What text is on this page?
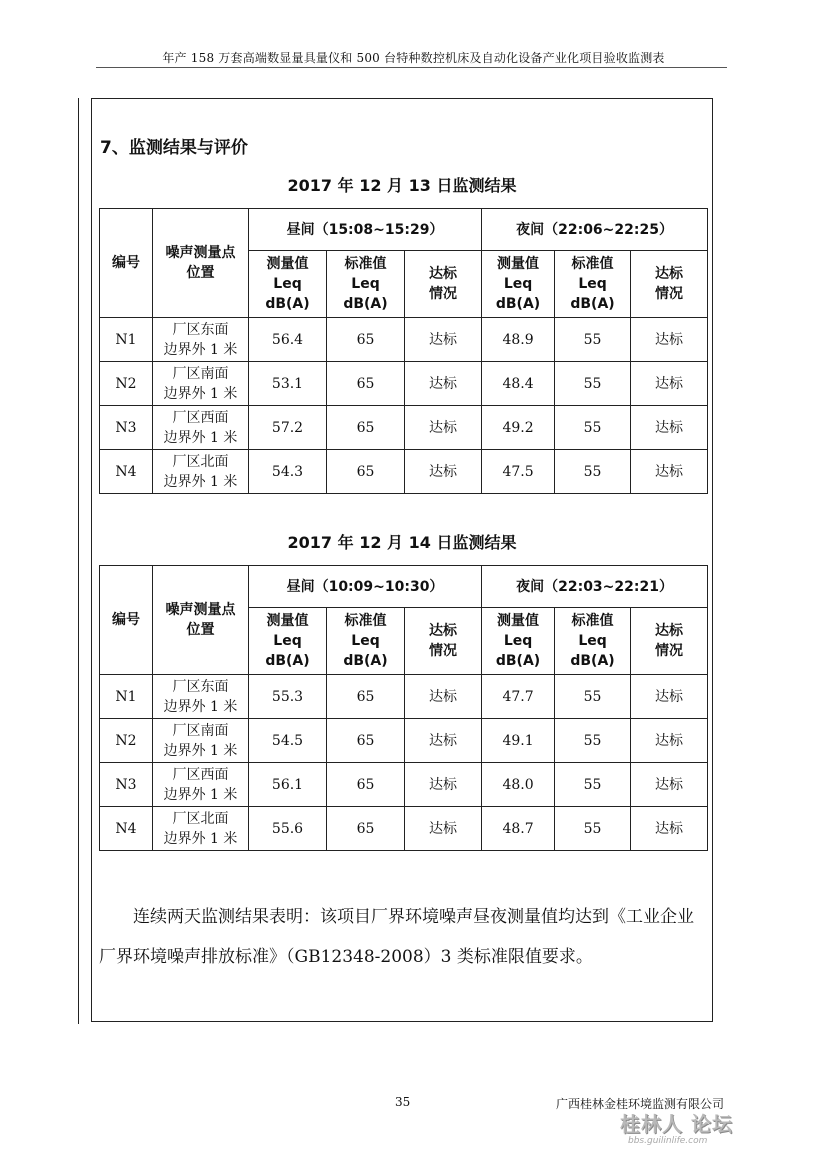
年产 158 万套高端数显量具量仪和 500 台特种数控机床及自动化设备产业化项目验收监测表
7、监测结果与评价
2017 年 12 月 13 日监测结果
编号	噪声测量点位置	昼间（15:08~15:29）			夜间（22:06~22:25）		
		测量值
Leq
dB(A)	标准值
Leq
dB(A)	达标
情况	测量值
Leq
dB(A)	标准值
Leq
dB(A)	达标
情况
N1	厂区东面
边界外 1 米	56.4	65	达标	48.9	55	达标
N2	厂区南面
边界外 1 米	53.1	65	达标	48.4	55	达标
N3	厂区西面
边界外 1 米	57.2	65	达标	49.2	55	达标
N4	厂区北面
边界外 1 米	54.3	65	达标	47.5	55	达标
2017 年 12 月 14 日监测结果
编号	噪声测量点位置	昼间（10:09~10:30）			夜间（22:03~22:21）		
		测量值
Leq
dB(A)	标准值
Leq
dB(A)	达标
情况	测量值
Leq
dB(A)	标准值
Leq
dB(A)	达标
情况
N1	厂区东面
边界外 1 米	55.3	65	达标	47.7	55	达标
N2	厂区南面
边界外 1 米	54.5	65	达标	49.1	55	达标
N3	厂区西面
边界外 1 米	56.1	65	达标	48.0	55	达标
N4	厂区北面
边界外 1 米	55.6	65	达标	48.7	55	达标
连续两天监测结果表明：该项目厂界环境噪声昼夜测量值均达到《工业企业厂界环境噪声排放标准》（GB12348-2008）3 类标准限值要求。
35	广西桂林金桂环境监测有限公司
桂林人 论坛
bbs.guilinlife.com
